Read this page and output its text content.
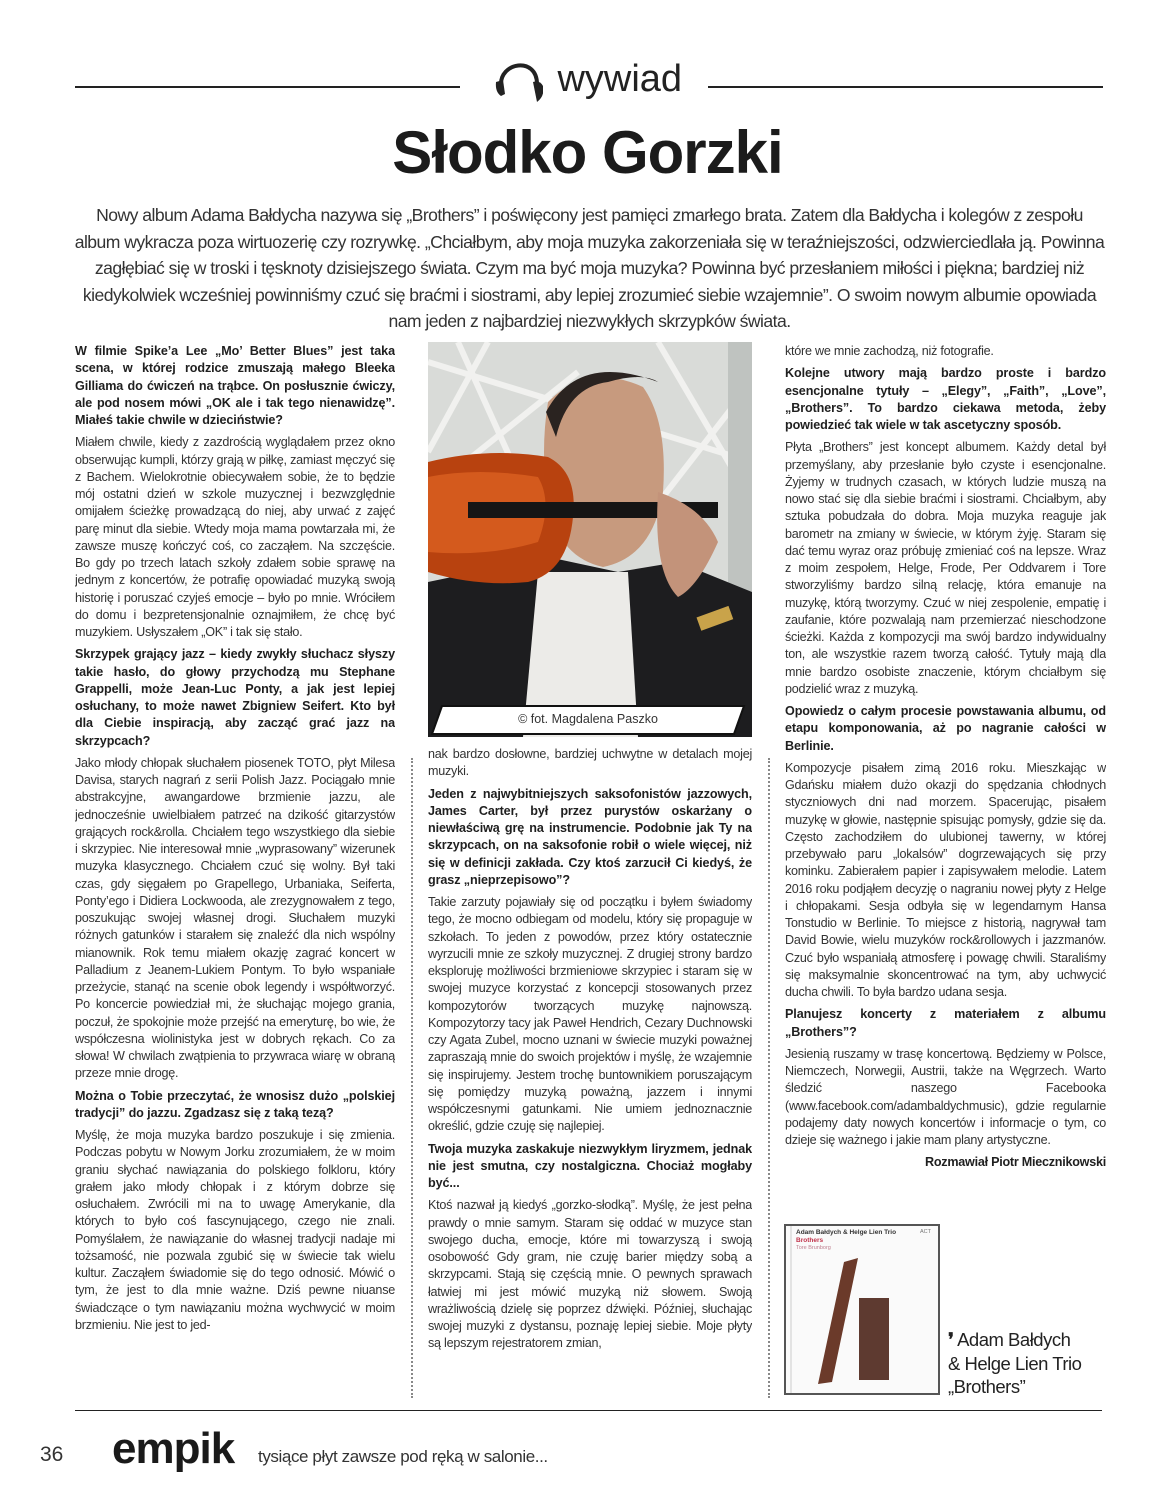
wywiad
Słodko Gorzki
Nowy album Adama Bałdycha nazywa się „Brothers” i poświęcony jest pamięci zmarłego brata. Zatem dla Bałdycha i kolegów z zespołu album wykracza poza wirtuozerię czy rozrywkę. „Chciałbym, aby moja muzyka zakorzeniała się w teraźniejszości, odzwierciedlała ją. Powinna zagłębiać się w troski i tęsknoty dzisiejszego świata. Czym ma być moja muzyka? Powinna być przesłaniem miłości i piękna; bardziej niż kiedykolwiek wcześniej powinniśmy czuć się braćmi i siostrami, aby lepiej zrozumieć siebie wzajemnie”. O swoim nowym albumie opowiada nam jeden z najbardziej niezwykłych skrzypków świata.

W filmie Spike’a Lee „Mo’ Better Blues” jest taka scena, w której rodzice zmuszają małego Bleeka Gilliama do ćwiczeń na trąbce. On posłusznie ćwiczy, ale pod nosem mówi „OK ale i tak tego nienawidzę”. Miałeś takie chwile w dzieciństwie?

Miałem chwile, kiedy z zazdrością wyglądałem przez okno obserwując kumpli, którzy grają w piłkę, zamiast męczyć się z Bachem. Wielokrotnie obiecywałem sobie, że to będzie mój ostatni dzień w szkole muzycznej i bezwzględnie omijałem ścieżkę prowadzącą do niej, aby urwać z zajęć parę minut dla siebie. Wtedy moja mama powtarzała mi, że zawsze muszę kończyć coś, co zacząłem. Na szczęście. Bo gdy po trzech latach szkoły zdałem sobie sprawę na jednym z koncertów, że potrafię opowiadać muzyką swoją historię i poruszać czyjeś emocje – było po mnie. Wróciłem do domu i bezpretensjonalnie oznajmiłem, że chcę być muzykiem. Usłyszałem „OK” i tak się stało.

Skrzypek grający jazz – kiedy zwykły słuchacz słyszy takie hasło, do głowy przychodzą mu Stephane Grappelli, może Jean-Luc Ponty, a jak jest lepiej osłuchany, to może nawet Zbigniew Seifert. Kto był dla Ciebie inspiracją, aby zacząć grać jazz na skrzypcach?

Jako młody chłopak słuchałem piosenek TOTO, płyt Milesa Davisa, starych nagrań z serii Polish Jazz. Pociągało mnie abstrakcyjne, awangardowe brzmienie jazzu, ale jednocześnie uwielbiałem patrzeć na dzikość gitarzystów grających rock&rolla. Chciałem tego wszystkiego dla siebie i skrzypiec. Nie interesował mnie „wyprasowany” wizerunek muzyka klasycznego. Chciałem czuć się wolny. Był taki czas, gdy sięgałem po Grapellego, Urbaniaka, Seiferta, Ponty’ego i Didiera Lockwooda, ale zrezygnowałem z tego, poszukując swojej własnej drogi. Słuchałem muzyki różnych gatunków i starałem się znaleźć dla nich wspólny mianownik. Rok temu miałem okazję zagrać koncert w Palladium z Jeanem-Lukiem Pontym. To było wspaniałe przeżycie, stanąć na scenie obok legendy i współtworzyć. Po koncercie powiedział mi, że słuchając mojego grania, poczuł, że spokojnie może przejść na emeryturę, bo wie, że współczesna wiolinistyka jest w dobrych rękach. Co za słowa! W chwilach zwątpienia to przywraca wiarę w obraną przeze mnie drogę.

Można o Tobie przeczytać, że wnosisz dużo „polskiej tradycji” do jazzu. Zgadzasz się z taką tezą?

Myślę, że moja muzyka bardzo poszukuje i się zmienia. Podczas pobytu w Nowym Jorku zrozumiałem, że w moim graniu słychać nawiązania do polskiego folkloru, który grałem jako młody chłopak i z którym dobrze się osłuchałem. Zwrócili mi na to uwagę Amerykanie, dla których to było coś fascynującego, czego nie znali. Pomyślałem, że nawiązanie do własnej tradycji nadaje mi tożsamość, nie pozwala zgubić się w świecie tak wielu kultur. Zacząłem świadomie się do tego odnosić. Mówić o tym, że jest to dla mnie ważne. Dziś pewne niuanse świadczące o tym nawiązaniu można wychwycić w moim brzmieniu. Nie jest to jed-

© fot. Magdalena Paszko

nak bardzo dosłowne, bardziej uchwytne w detalach mojej muzyki.

Jeden z najwybitniejszych saksofonistów jazzowych, James Carter, był przez purystów oskarżany o niewłaściwą grę na instrumencie. Podobnie jak Ty na skrzypcach, on na saksofonie robił o wiele więcej, niż się w definicji zakłada. Czy ktoś zarzucił Ci kiedyś, że grasz „nieprzepisowo”?

Takie zarzuty pojawiały się od początku i byłem świadomy tego, że mocno odbiegam od modelu, który się propaguje w szkołach. To jeden z powodów, przez który ostatecznie wyrzucili mnie ze szkoły muzycznej. Z drugiej strony bardzo eksploruję możliwości brzmieniowe skrzypiec i staram się w swojej muzyce korzystać z koncepcji stosowanych przez kompozytorów tworzących muzykę najnowszą. Kompozytorzy tacy jak Paweł Hendrich, Cezary Duchnowski czy Agata Zubel, mocno uznani w świecie muzyki poważnej zapraszają mnie do swoich projektów i myślę, że wzajemnie się inspirujemy. Jestem trochę buntownikiem poruszającym się pomiędzy muzyką poważną, jazzem i innymi współczesnymi gatunkami. Nie umiem jednoznacznie określić, gdzie czuję się najlepiej.

Twoja muzyka zaskakuje niezwykłym liryzmem, jednak nie jest smutna, czy nostalgiczna. Chociaż mogłaby być...

Ktoś nazwał ją kiedyś „gorzko-słodką”. Myślę, że jest pełna prawdy o mnie samym. Staram się oddać w muzyce stan swojego ducha, emocje, które mi towarzyszą i swoją osobowość Gdy gram, nie czuję barier między sobą a skrzypcami. Stają się częścią mnie. O pewnych sprawach łatwiej mi jest mówić muzyką niż słowem. Swoją wrażliwością dzielę się poprzez dźwięki. Później, słuchając swojej muzyki z dystansu, poznaję lepiej siebie. Moje płyty są lepszym rejestratorem zmian,

które we mnie zachodzą, niż fotografie.

Kolejne utwory mają bardzo proste i bardzo esencjonalne tytuły – „Elegy”, „Faith”, „Love”, „Brothers”. To bardzo ciekawa metoda, żeby powiedzieć tak wiele w tak ascetyczny sposób.

Płyta „Brothers” jest koncept albumem. Każdy detal był przemyślany, aby przesłanie było czyste i esencjonalne. Żyjemy w trudnych czasach, w których ludzie muszą na nowo stać się dla siebie braćmi i siostrami. Chciałbym, aby sztuka pobudzała do dobra. Moja muzyka reaguje jak barometr na zmiany w świecie, w którym żyję. Staram się dać temu wyraz oraz próbuję zmieniać coś na lepsze. Wraz z moim zespołem, Helge, Frode, Per Oddvarem i Tore stworzyliśmy bardzo silną relację, która emanuje na muzykę, którą tworzymy. Czuć w niej zespolenie, empatię i zaufanie, które pozwalają nam przemierzać nieschodzone ścieżki. Każda z kompozycji ma swój bardzo indywidualny ton, ale wszystkie razem tworzą całość. Tytuły mają dla mnie bardzo osobiste znaczenie, którym chciałbym się podzielić wraz z muzyką.

Opowiedz o całym procesie powstawania albumu, od etapu komponowania, aż po nagranie całości w Berlinie.

Kompozycje pisałem zimą 2016 roku. Mieszkając w Gdańsku miałem dużo okazji do spędzania chłodnych styczniowych dni nad morzem. Spacerując, pisałem muzykę w głowie, następnie spisując pomysły, gdzie się da. Często zachodziłem do ulubionej tawerny, w której przebywało paru „lokalsów” dogrzewających się przy kominku. Zabierałem papier i zapisywałem melodie. Latem 2016 roku podjąłem decyzję o nagraniu nowej płyty z Helge i chłopakami. Sesja odbyła się w legendarnym Hansa Tonstudio w Berlinie. To miejsce z historią, nagrywał tam David Bowie, wielu muzyków rock&rollowych i jazzmanów. Czuć było wspaniałą atmosferę i powagę chwili. Staraliśmy się maksymalnie skoncentrować na tym, aby uchwycić ducha chwili. To była bardzo udana sesja.

Planujesz koncerty z materiałem z albumu „Brothers”?

Jesienią ruszamy w trasę koncertową. Będziemy w Polsce, Niemczech, Norwegii, Austrii, także na Węgrzech. Warto śledzić naszego Facebooka (www.facebook.com/adambaldychmusic), gdzie regularnie podajemy daty nowych koncertów i informacje o tym, co dzieje się ważnego i jakie mam plany artystyczne.

Rozmawiał Piotr Miecznikowski

Adam Bałdych & Helge Lien Trio
Brothers
Tore Brunborg
ACT
❜ Adam Bałdych
& Helge Lien Trio
„Brothers”
36 empik tysiące płyt zawsze pod ręką w salonie...
